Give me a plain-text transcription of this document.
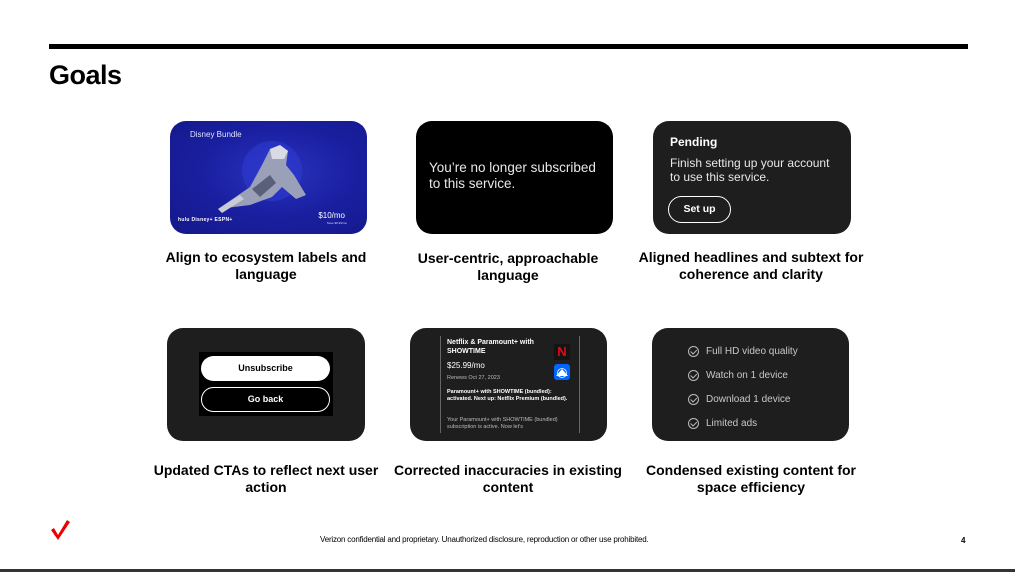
Goals
Disney Bundle
hulu Disney+ ESPN+	$10/mo
Save $8.99/mo
Align to ecosystem labels and language
You’re no longer subscribed to this service.
User-centric, approachable language
Pending
Finish setting up your account to use this service.
Set up
Aligned headlines and subtext for coherence and clarity
Unsubscribe
Go back
Updated CTAs to reflect next user action
Netflix & Paramount+ with SHOWTIME	N
$25.99/mo
Renews Oct 27, 2023
Paramount+ with SHOWTIME (bundled): activated. Next up: Netflix Premium (bundled).
Your Paramount+ with SHOWTIME (bundled) subscription is active. Now let's
Corrected inaccuracies in existing content
Full HD video quality
Watch on 1 device
Download 1 device
Limited ads
Condensed existing content for space efficiency
Verizon confidential and proprietary. Unauthorized disclosure, reproduction or other use prohibited.	4
